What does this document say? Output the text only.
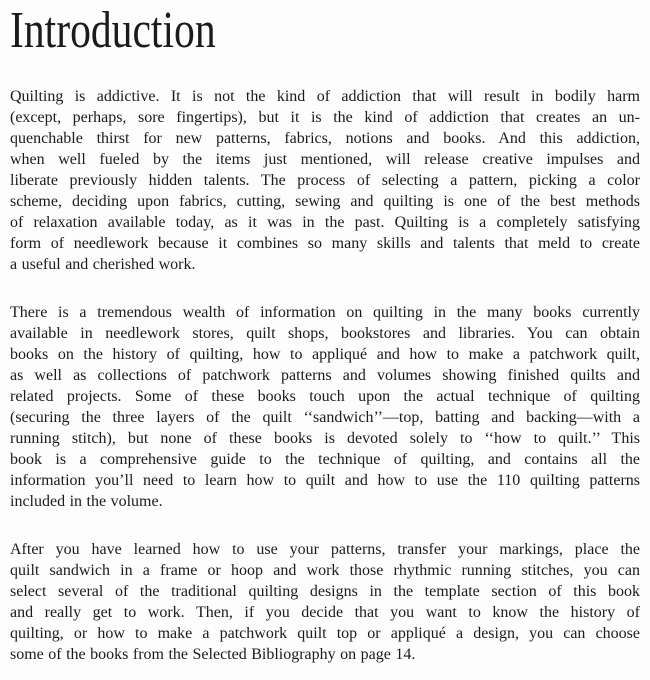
Introduction
Quilting is addictive. It is not the kind of addiction that will result in bodily harm
(except, perhaps, sore fingertips), but it is the kind of addiction that creates an un-
quenchable thirst for new patterns, fabrics, notions and books. And this addiction,
when well fueled by the items just mentioned, will release creative impulses and
liberate previously hidden talents. The process of selecting a pattern, picking a color
scheme, deciding upon fabrics, cutting, sewing and quilting is one of the best methods
of relaxation available today, as it was in the past. Quilting is a completely satisfying
form of needlework because it combines so many skills and talents that meld to create
a useful and cherished work.
There is a tremendous wealth of information on quilting in the many books currently
available in needlework stores, quilt shops, bookstores and libraries. You can obtain
books on the history of quilting, how to appliqué and how to make a patchwork quilt,
as well as collections of patchwork patterns and volumes showing finished quilts and
related projects. Some of these books touch upon the actual technique of quilting
(securing the three layers of the quilt ‘‘sandwich’’—top, batting and backing—with a
running stitch), but none of these books is devoted solely to ‘‘how to quilt.’’ This
book is a comprehensive guide to the technique of quilting, and contains all the
information you’ll need to learn how to quilt and how to use the 110 quilting patterns
included in the volume.
After you have learned how to use your patterns, transfer your markings, place the
quilt sandwich in a frame or hoop and work those rhythmic running stitches, you can
select several of the traditional quilting designs in the template section of this book
and really get to work. Then, if you decide that you want to know the history of
quilting, or how to make a patchwork quilt top or appliqué a design, you can choose
some of the books from the Selected Bibliography on page 14.
